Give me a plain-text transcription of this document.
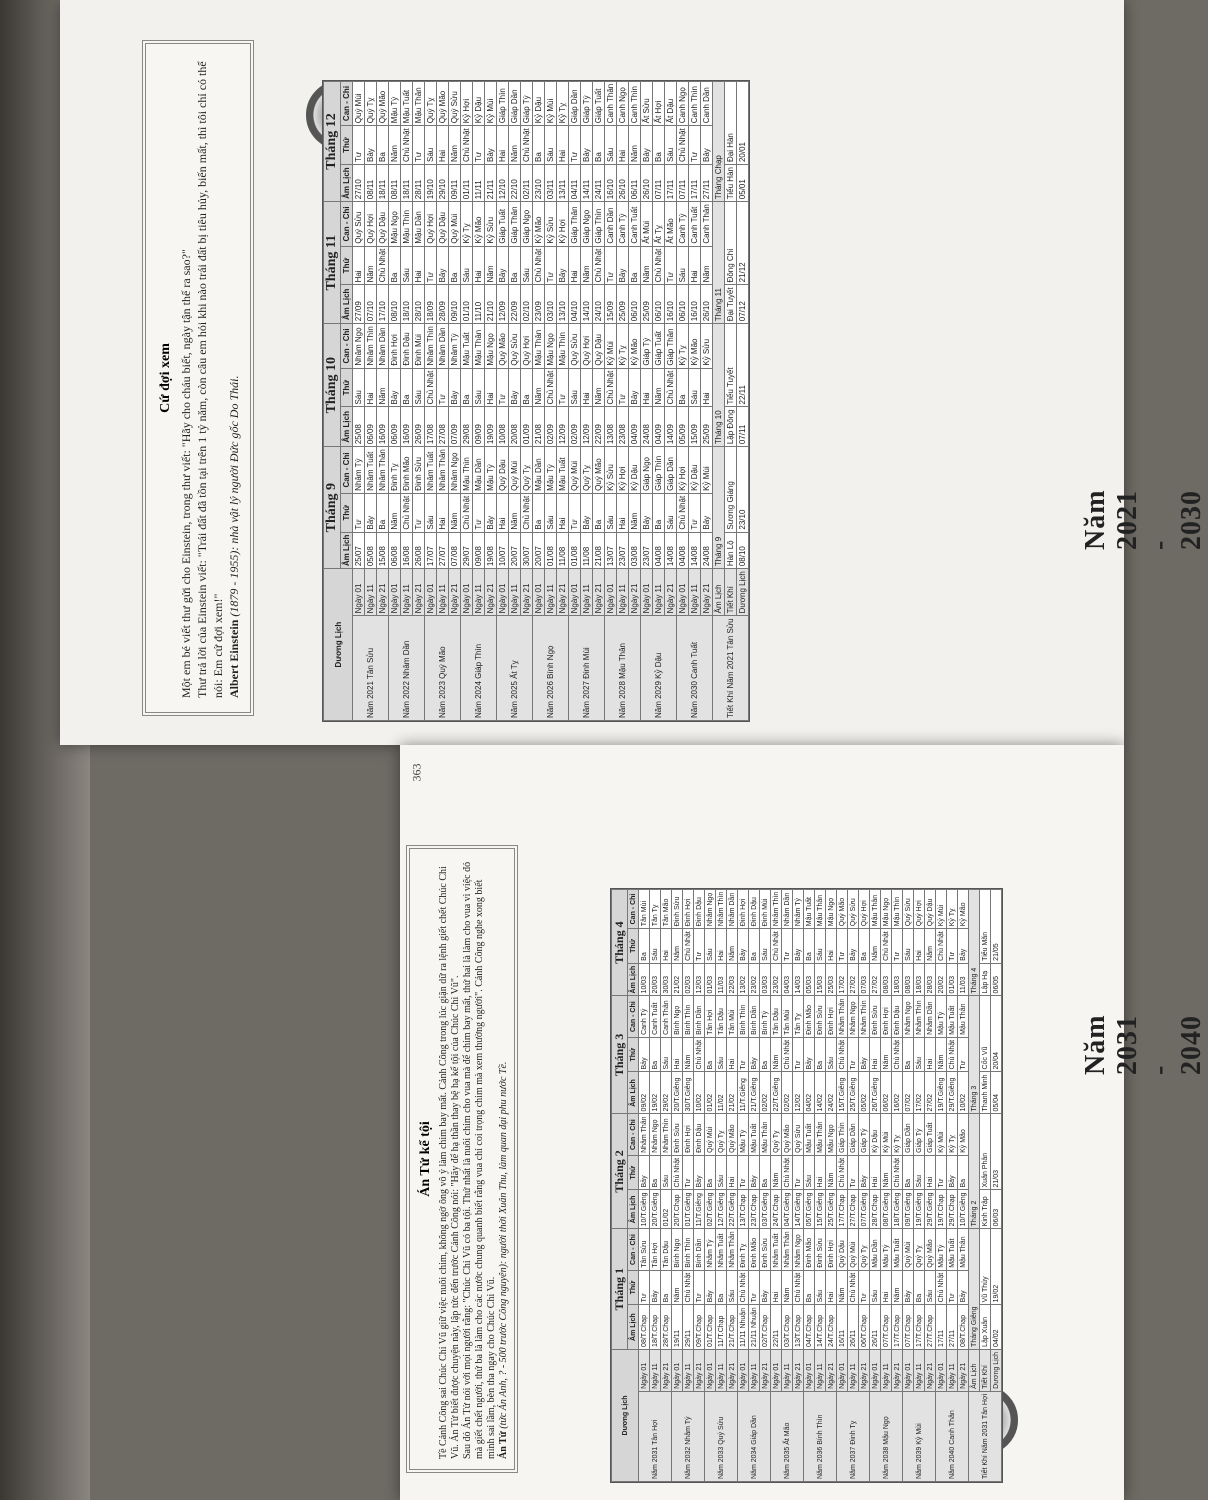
Năm 2021 - 2030
Dương Lịch		Tháng 9			Tháng 10			Tháng 11			Tháng 12		
		Âm Lịch	Thứ	Can - Chi	Âm Lịch	Thứ	Can - Chi	Âm Lịch	Thứ	Can - Chi	Âm Lịch	Thứ	Can - Chi
Năm 2021 Tân Sửu	Ngày 01	25/07	Tư	Nhâm Tý	25/08	Sáu	Nhâm Ngọ	27/09	Hai	Quý Sửu	27/10	Tư	Quý Mùi
	Ngày 11	05/08	Bảy	Nhâm Tuất	06/09	Hai	Nhâm Thìn	07/10	Năm	Quý Hợi	08/11	Bảy	Quý Tỵ
	Ngày 21	15/08	Ba	Nhâm Thân	16/09	Năm	Nhâm Dần	17/10	Chủ Nhật	Quý Dậu	18/11	Ba	Quý Mão
Năm 2022 Nhâm Dần	Ngày 01	06/08	Năm	Đinh Tỵ	06/09	Bảy	Đinh Hợi	08/10	Ba	Mậu Ngọ	08/11	Năm	Mậu Tý
	Ngày 11	16/08	Chủ Nhật	Đinh Mão	16/09	Ba	Đinh Dậu	18/10	Sáu	Mậu Thìn	18/11	Chủ Nhật	Mậu Tuất
	Ngày 21	26/08	Tư	Đinh Sửu	26/09	Sáu	Đinh Mùi	28/10	Hai	Mậu Dần	28/11	Tư	Mậu Thân
Năm 2023 Quý Mão	Ngày 01	17/07	Sáu	Nhâm Tuất	17/08	Chủ Nhật	Nhâm Thìn	18/09	Tư	Quý Hợi	19/10	Sáu	Quý Tỵ
	Ngày 11	27/07	Hai	Nhâm Thân	27/08	Tư	Nhâm Dần	28/09	Bảy	Quý Dậu	29/10	Hai	Quý Mão
	Ngày 21	07/08	Năm	Nhâm Ngọ	07/09	Bảy	Nhâm Tý	09/10	Ba	Quý Mùi	09/11	Năm	Quý Sửu
Năm 2024 Giáp Thìn	Ngày 01	29/07	Chủ Nhật	Mậu Thìn	29/08	Ba	Mậu Tuất	01/10	Sáu	Kỷ Tỵ	01/11	Chủ Nhật	Kỷ Hợi
	Ngày 11	09/08	Tư	Mậu Dần	09/09	Sáu	Mậu Thân	11/10	Hai	Kỷ Mão	11/11	Tư	Kỷ Dậu
	Ngày 21	19/08	Bảy	Mậu Tý	19/09	Hai	Mậu Ngọ	21/10	Năm	Kỷ Sửu	21/11	Bảy	Kỷ Mùi
Năm 2025 Ất Tỵ	Ngày 01	10/07	Hai	Quý Dậu	10/08	Tư	Quý Mão	12/09	Bảy	Giáp Tuất	12/10	Hai	Giáp Thìn
	Ngày 11	20/07	Năm	Quý Mùi	20/08	Bảy	Quý Sửu	22/09	Ba	Giáp Thân	22/10	Năm	Giáp Dần
	Ngày 21	30/07	Chủ Nhật	Quý Tỵ	01/09	Ba	Quý Hợi	02/10	Sáu	Giáp Ngọ	02/11	Chủ Nhật	Giáp Tý
Năm 2026 Bính Ngọ	Ngày 01	20/07	Ba	Mậu Dần	21/08	Năm	Mậu Thân	23/09	Chủ Nhật	Kỷ Mão	23/10	Ba	Kỷ Dậu
	Ngày 11	01/08	Sáu	Mậu Tý	02/09	Chủ Nhật	Mậu Ngọ	03/10	Tư	Kỷ Sửu	03/11	Sáu	Kỷ Mùi
	Ngày 21	11/08	Hai	Mậu Tuất	12/09	Tư	Mậu Thìn	13/10	Bảy	Kỷ Hợi	13/11	Hai	Kỷ Tỵ
Năm 2027 Đinh Mùi	Ngày 01	01/08	Tư	Quý Mùi	02/09	Sáu	Quý Sửu	04/10	Hai	Giáp Thân	04/11	Tư	Giáp Dần
	Ngày 11	11/08	Bảy	Quý Tỵ	12/09	Hai	Quý Hợi	14/10	Năm	Giáp Ngọ	14/11	Bảy	Giáp Tý
	Ngày 21	21/08	Ba	Quý Mão	22/09	Năm	Quý Dậu	24/10	Chủ Nhật	Giáp Thìn	24/11	Ba	Giáp Tuất
Năm 2028 Mậu Thân	Ngày 01	13/07	Sáu	Kỷ Sửu	13/08	Chủ Nhật	Kỷ Mùi	15/09	Tư	Canh Dần	16/10	Sáu	Canh Thân
	Ngày 11	23/07	Hai	Kỷ Hợi	23/08	Tư	Kỷ Tỵ	25/09	Bảy	Canh Tý	26/10	Hai	Canh Ngọ
	Ngày 21	03/08	Năm	Kỷ Dậu	04/09	Bảy	Kỷ Mão	06/10	Ba	Canh Tuất	06/11	Năm	Canh Thìn
Năm 2029 Kỷ Dậu	Ngày 01	23/07	Bảy	Giáp Ngọ	24/08	Hai	Giáp Tý	25/09	Năm	Ất Mùi	26/10	Bảy	Ất Sửu
	Ngày 11	04/08	Ba	Giáp Thìn	04/09	Năm	Giáp Tuất	06/10	Chủ Nhật	Ất Tỵ	07/11	Ba	Ất Hợi
	Ngày 21	14/08	Sáu	Giáp Dần	14/09	Chủ Nhật	Giáp Thân	16/10	Tư	Ất Mão	17/11	Sáu	Ất Dậu
Năm 2030 Canh Tuất	Ngày 01	04/08	Chủ Nhật	Kỷ Hợi	05/09	Ba	Kỷ Tỵ	06/10	Sáu	Canh Tý	07/11	Chủ Nhật	Canh Ngọ
	Ngày 11	14/08	Tư	Kỷ Dậu	15/09	Sáu	Kỷ Mão	16/10	Hai	Canh Tuất	17/11	Tư	Canh Thìn
	Ngày 21	24/08	Bảy	Kỷ Mùi	25/09	Hai	Kỷ Sửu	26/10	Năm	Canh Thân	27/11	Bảy	Canh Dần
Tiết Khí Năm 2021 Tân Sửu	Âm Lịch	Tháng 9			Tháng 10			Tháng 11			Tháng Chạp		
	Tiết Khí	Hàn Lộ	Sương Giáng		Lập Đông	Tiểu Tuyết		Đại Tuyết	Đông Chí		Tiểu Hàn	Đại Hàn	
	Dương Lịch	08/10	23/10		07/11	22/11		07/12	21/12		05/01	20/01	
Cứ đợi xem Một em bé viết thư gửi cho Einstein, trong thư viết: "Hãy cho cháu biết, ngày tận thế ra sao?" Thư trả lời của Einstein viết: "Trái đất đã tồn tại trên 1 tỷ năm, còn câu em hỏi khi nào trái đất bị tiêu hủy, biến mất, thì tôi chỉ có thể nói: Em cứ đợi xem!" Albert Einstein (1879 - 1955): nhà vật lý người Đức gốc Do Thái.
Năm 2031 - 2040
Dương Lịch		Tháng 1			Tháng 2			Tháng 3			Tháng 4		
		Âm Lịch	Thứ	Can - Chi	Âm Lịch	Thứ	Can - Chi	Âm Lịch	Thứ	Can - Chi	Âm Lịch	Thứ	Can - Chi
Năm 2031 Tân Hợi	Ngày 01	08/T.Chạp	Tư	Tân Sửu	10/T.Giêng	Bảy	Nhâm Thân	09/02	Bảy	Canh Tý	10/03	Ba	Tân Mùi
	Ngày 11	18/T.Chạp	Bảy	Tân Hợi	20/T.Giêng	Ba	Nhâm Ngọ	19/02	Ba	Canh Tuất	20/03	Sáu	Tân Tỵ
	Ngày 21	28/T.Chạp	Ba	Tân Dậu	01/02	Sáu	Nhâm Thìn	29/02	Sáu	Canh Thân	30/03	Hai	Tân Mão
Năm 2032 Nhâm Tý	Ngày 01	19/11	Năm	Bính Ngọ	20/T.Chạp	Chủ Nhật	Đinh Sửu	20/T.Giêng	Hai	Bính Ngọ	21/02	Năm	Đinh Sửu
	Ngày 11	29/11	Chủ Nhật	Bính Thìn	01/T.Giêng	Tư	Đinh Hợi	30/T.Giêng	Năm	Bính Thìn	02/03	Chủ Nhật	Đinh Hợi
	Ngày 21	09/T.Chạp	Tư	Bính Dần	11/T.Giêng	Bảy	Đinh Dậu	10/02	Chủ Nhật	Bính Dần	12/03	Tư	Đinh Dậu
Năm 2033 Quý Sửu	Ngày 01	01/T.Chạp	Bảy	Nhâm Tý	02/T.Giêng	Ba	Quý Mùi	01/02	Ba	Tân Hợi	01/03	Sáu	Nhâm Ngọ
	Ngày 11	11/T.Chạp	Ba	Nhâm Tuất	12/T.Giêng	Sáu	Quý Tỵ	11/02	Sáu	Tân Dậu	11/03	Hai	Nhâm Thìn
	Ngày 21	21/T.Chạp	Sáu	Nhâm Thân	22/T.Giêng	Hai	Quý Mão	21/02	Hai	Tân Mùi	22/03	Năm	Nhâm Dần
Năm 2034 Giáp Dần	Ngày 01	11/11 Nhuận	Chủ Nhật	Đinh Tỵ	13/T.Chạp	Tư	Mậu Tý	11/T.Giêng	Tư	Bính Thìn	13/02	Bảy	Đinh Hợi
	Ngày 11	21/11 Nhuận	Tư	Đinh Mão	23/T.Chạp	Bảy	Mậu Tuất	21/T.Giêng	Bảy	Bính Dần	23/02	Ba	Đinh Dậu
	Ngày 21	02/T.Chạp	Bảy	Đinh Sửu	03/T.Giêng	Ba	Mậu Thân	02/02	Ba	Bính Tý	03/03	Sáu	Đinh Mùi
Năm 2035 Ất Mão	Ngày 01	22/11	Hai	Nhâm Tuất	24/T.Chạp	Năm	Quý Tỵ	22/T.Giêng	Năm	Tân Dậu	23/02	Chủ Nhật	Nhâm Thìn
	Ngày 11	03/T.Chạp	Năm	Nhâm Thân	04/T.Giêng	Chủ Nhật	Quý Mão	02/02	Chủ Nhật	Tân Mùi	04/03	Tư	Nhâm Dần
	Ngày 21	13/T.Chạp	Chủ Nhật	Nhâm Ngọ	14/T.Giêng	Tư	Quý Sửu	12/02	Tư	Tân Tỵ	14/03	Bảy	Nhâm Tý
Năm 2036 Bính Thìn	Ngày 01	04/T.Chạp	Ba	Đinh Mão	05/T.Giêng	Sáu	Mậu Tuất	04/02	Bảy	Đinh Mão	05/03	Ba	Mậu Tuất
	Ngày 11	14/T.Chạp	Sáu	Đinh Sửu	15/T.Giêng	Hai	Mậu Thân	14/02	Ba	Đinh Sửu	15/03	Sáu	Mậu Thân
	Ngày 21	24/T.Chạp	Hai	Đinh Hợi	25/T.Giêng	Năm	Mậu Ngọ	24/02	Sáu	Đinh Hợi	25/03	Hai	Mậu Ngọ
Năm 2037 Đinh Tỵ	Ngày 01	16/11	Năm	Quý Dậu	17/T.Chạp	Chủ Nhật	Giáp Thìn	15/T.Giêng	Chủ Nhật	Nhâm Thân	17/02	Tư	Quý Mão
	Ngày 11	26/11	Chủ Nhật	Quý Mùi	27/T.Chạp	Tư	Giáp Dần	25/T.Giêng	Tư	Nhâm Ngọ	27/02	Bảy	Quý Sửu
	Ngày 21	06/T.Chạp	Tư	Quý Tỵ	07/T.Giêng	Bảy	Giáp Tý	05/02	Bảy	Nhâm Thìn	07/03	Ba	Quý Hợi
Năm 2038 Mậu Ngọ	Ngày 01	26/11	Sáu	Mậu Dần	28/T.Chạp	Hai	Kỷ Dậu	26/T.Giêng	Hai	Đinh Sửu	27/02	Năm	Mậu Thân
	Ngày 11	07/T.Chạp	Hai	Mậu Tý	08/T.Giêng	Năm	Kỷ Mùi	06/02	Năm	Đinh Hợi	08/03	Chủ Nhật	Mậu Ngọ
	Ngày 21	17/T.Chạp	Năm	Mậu Tuất	18/T.Giêng	Chủ Nhật	Kỷ Tỵ	16/02	Chủ Nhật	Đinh Dậu	18/03	Tư	Mậu Thìn
Năm 2039 Kỷ Mùi	Ngày 01	07/T.Chạp	Bảy	Quý Mùi	09/T.Giêng	Ba	Giáp Dần	07/02	Ba	Nhâm Ngọ	08/03	Sáu	Quý Sửu
	Ngày 11	17/T.Chạp	Ba	Quý Tỵ	19/T.Giêng	Sáu	Giáp Tý	17/02	Sáu	Nhâm Thìn	18/03	Hai	Quý Hợi
	Ngày 21	27/T.Chạp	Sáu	Quý Mão	29/T.Giêng	Hai	Giáp Tuất	27/02	Hai	Nhâm Dần	28/03	Năm	Quý Dậu
Năm 2040 Canh Thân	Ngày 01	17/11	Chủ Nhật	Mậu Tý	19/T.Chạp	Tư	Kỷ Mùi	19/T.Giêng	Năm	Mậu Tý	20/02	Chủ Nhật	Kỷ Mùi
	Ngày 11	27/11	Tư	Mậu Tuất	29/T.Chạp	Bảy	Kỷ Tỵ	29/T.Giêng	Chủ Nhật	Mậu Tuất	01/03	Tư	Kỷ Tỵ
	Ngày 21	08/T.Chạp	Bảy	Mậu Thân	10/T.Giêng	Ba	Kỷ Mão	10/02	Tư	Mậu Thân	11/03	Bảy	Kỷ Mão
Tiết Khí Năm 2031 Tân Hợi	Âm Lịch	Tháng Giêng			Tháng 2			Tháng 3			Tháng 4		
	Tiết Khí	Lập Xuân	Vũ Thủy		Kinh Trập	Xuân Phân		Thanh Minh	Cốc Vũ		Lập Hạ	Tiểu Mãn	
	Dương Lịch	04/02	19/02		06/03	21/03		05/04	20/04		06/05	21/05	
Án Tử kể tội Tề Cảnh Công sai Chúc Chi Vũ giữ việc nuôi chim, không ngờ ông vô ý làm chim bay mất. Cảnh Công trong lúc giận dữ ra lệnh giết chết Chúc Chi Vũ. Án Tử biết được chuyện này, lập tức đến trước Cảnh Công nói: "Hãy để hạ thần thay bệ hạ kể tội của Chúc Chi Vũ". Sau đó Án Tử nói với mọi người rằng: "Chúc Chi Vũ có ba tội. Thứ nhất là nuôi chim cho vua mà để chim bay mất, thứ hai là làm cho vua vì việc đó mà giết chết người, thứ ba là làm cho các nước chung quanh biết rằng vua chỉ coi trọng chim mà xem thường người". Cảnh Công nghe xong biết mình sai lầm, bèn tha ngay cho Chúc Chi Vũ. Án Tử (tức Án Anh, ? - 500 trước Công nguyên): người thời Xuân Thu, làm quan đại phu nước Tề.
363
